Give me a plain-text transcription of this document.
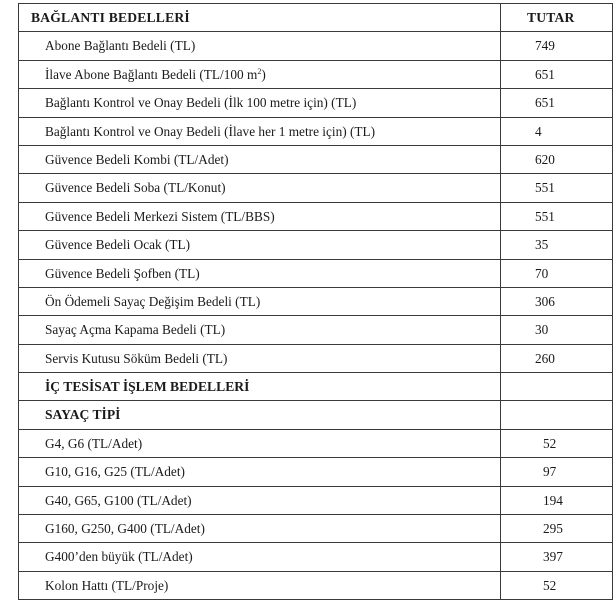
BAĞLANTI BEDELLERİ	TUTAR
Abone Bağlantı Bedeli (TL)	749
İlave Abone Bağlantı Bedeli (TL/100 $m^2$)	651
Bağlantı Kontrol ve Onay Bedeli (İlk 100 metre için) (TL)	651
Bağlantı Kontrol ve Onay Bedeli (İlave her 1 metre için) (TL)	4
Güvence Bedeli Kombi (TL/Adet)	620
Güvence Bedeli Soba (TL/Konut)	551
Güvence Bedeli Merkezi Sistem (TL/BBS)	551
Güvence Bedeli Ocak (TL)	35
Güvence Bedeli Şofben (TL)	70
Ön Ödemeli Sayaç Değişim Bedeli (TL)	306
Sayaç Açma Kapama Bedeli (TL)	30
Servis Kutusu Söküm Bedeli (TL)	260
İÇ TESİSAT İŞLEM BEDELLERİ	
SAYAÇ TİPİ	
G4, G6 (TL/Adet)	52
G10, G16, G25 (TL/Adet)	97
G40, G65, G100 (TL/Adet)	194
G160, G250, G400 (TL/Adet)	295
G400’den büyük (TL/Adet)	397
Kolon Hattı (TL/Proje)	52
